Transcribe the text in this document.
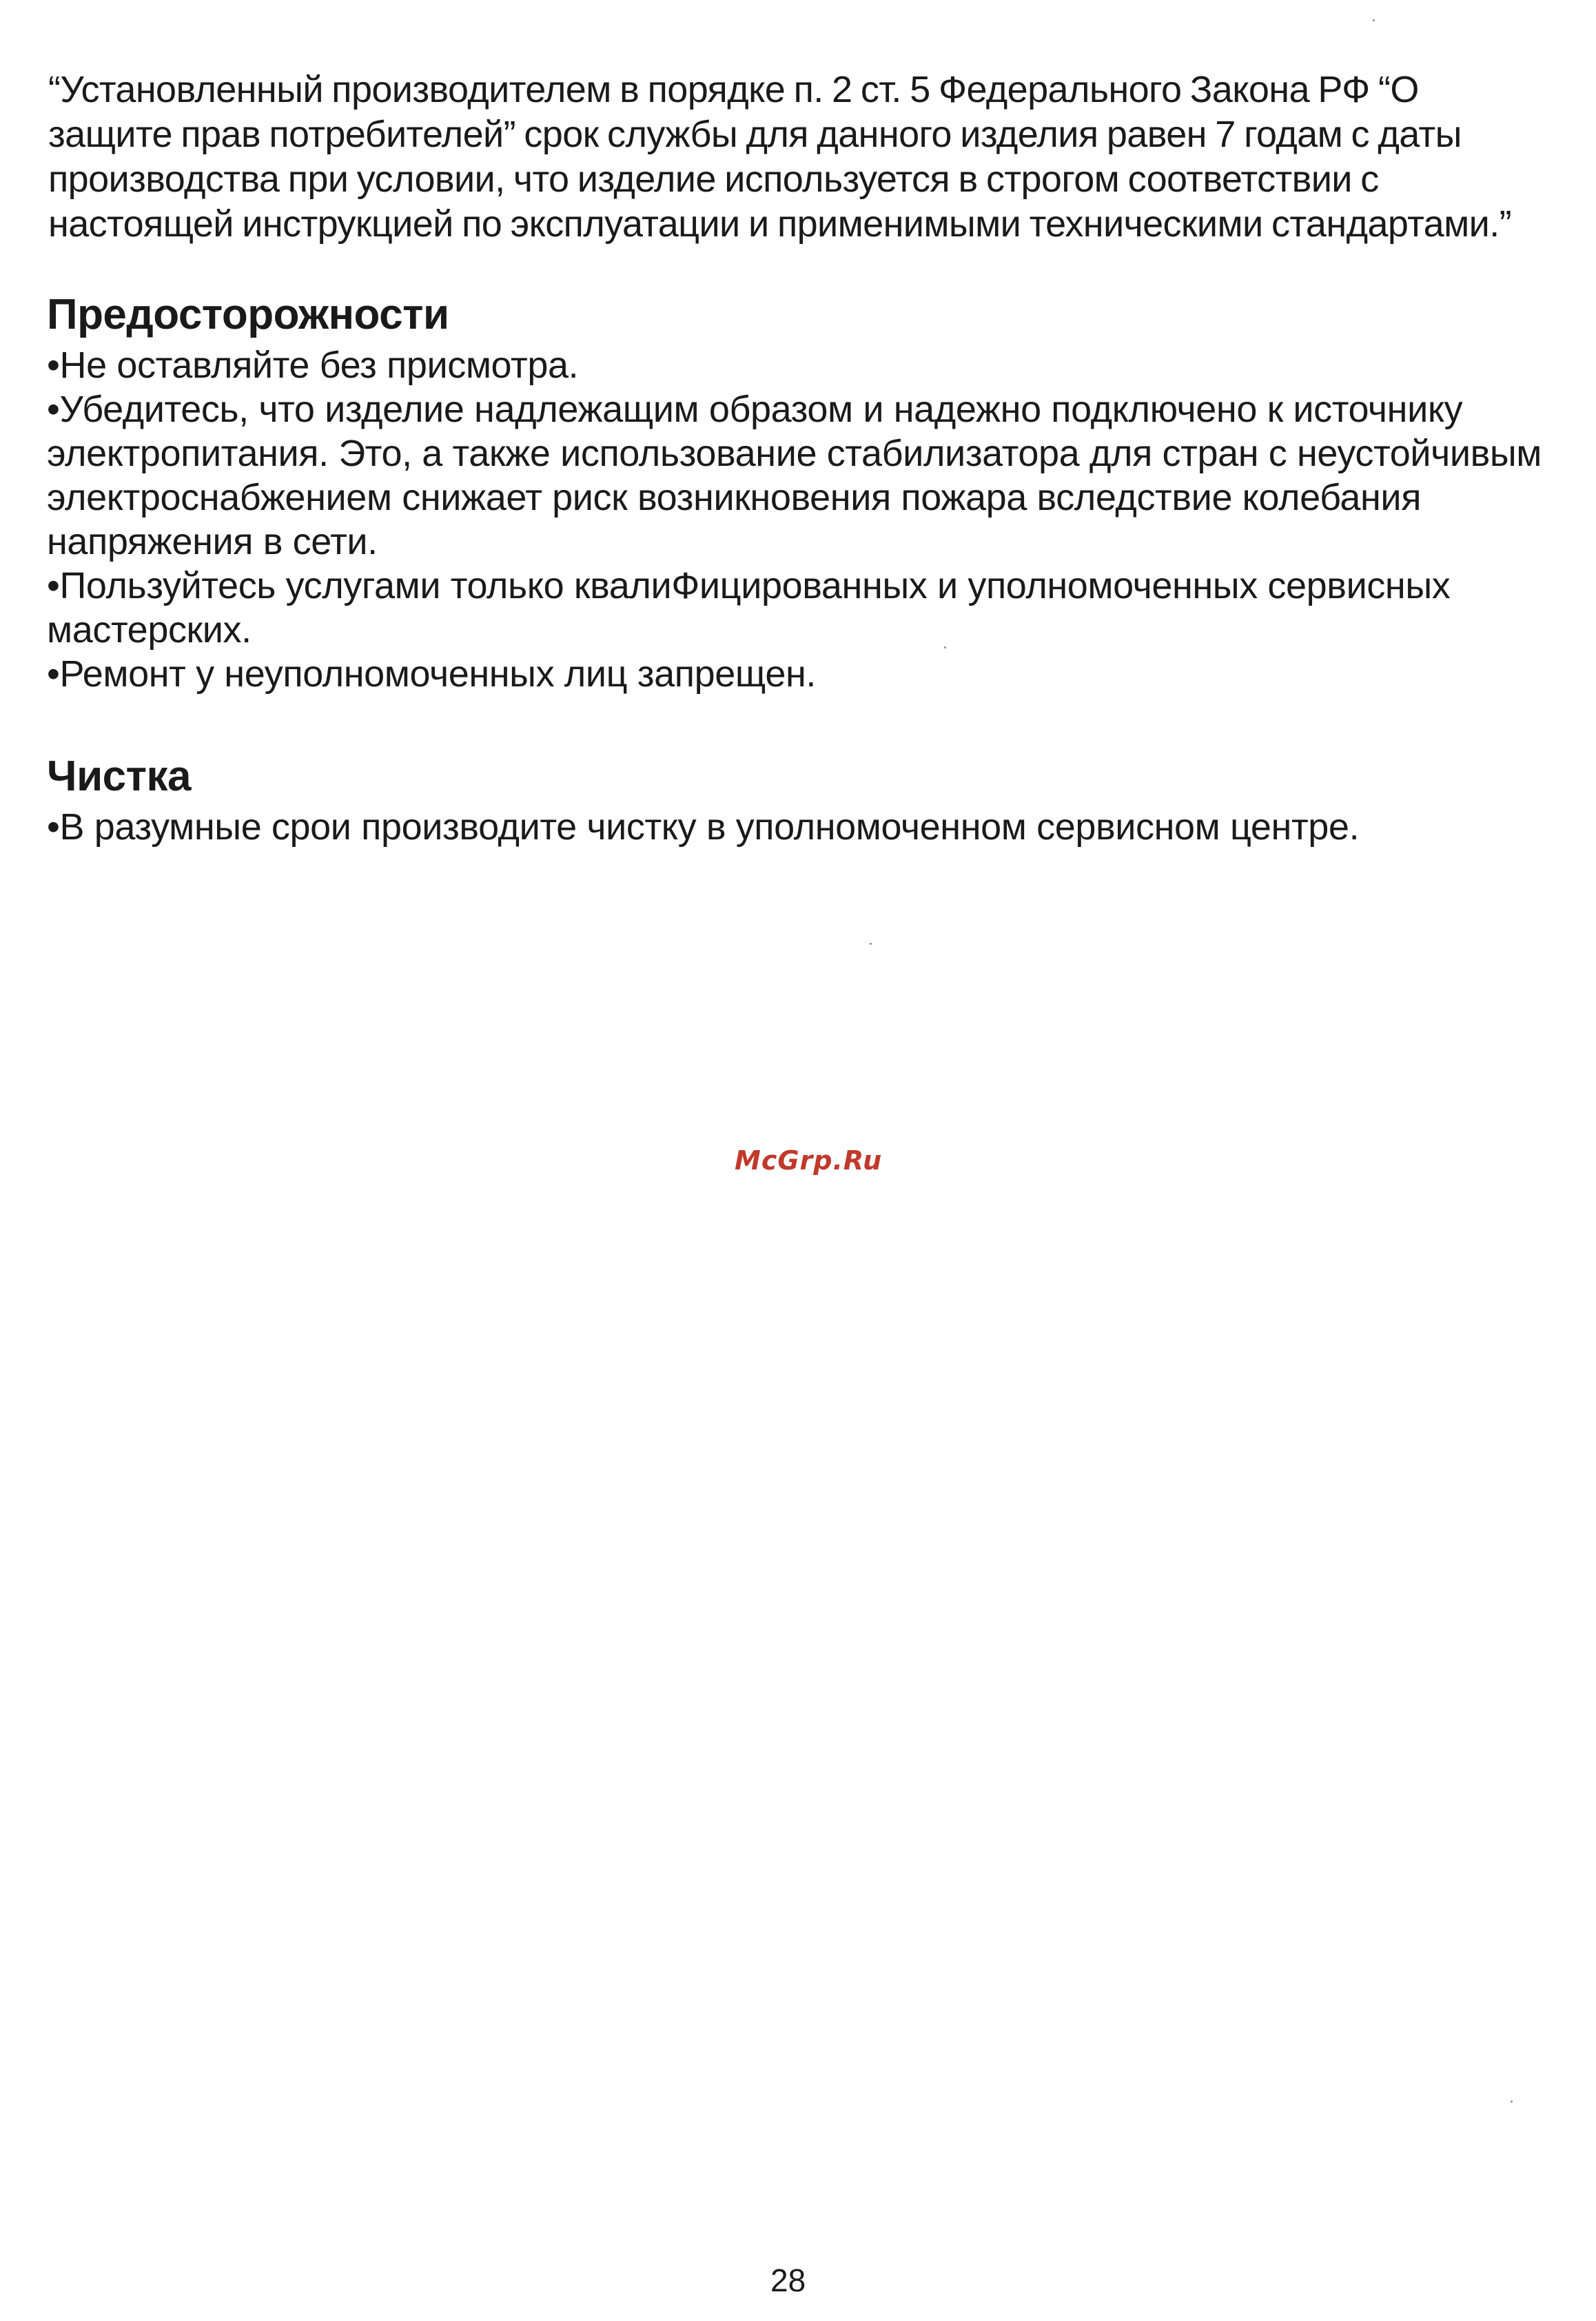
“Установленный производителем в порядке п. 2 ст. 5 Федерального Закона РФ “О защите прав потребителей” срок службы для данного изделия равен 7 годам с даты производства при условии, что изделие используется в строгом соответствии с настоящей инструкцией по эксплуатации и применимыми техническими стандартами.”

Предосторожности
•Не оставляйте без присмотра.
•Убедитесь, что изделие надлежащим образом и надежно подключено к источнику электропитания. Это, а также использование стабилизатора для стран с неустойчивым электроснабжением снижает риск возникновения пожара вследствие колебания напряжения в сети.
•Пользуйтесь услугами только квалиФицированных и уполномоченных сервисных мастерских.
•Ремонт у неуполномоченных лиц запрещен.
Чистка
•В разумные срои производите чистку в уполномоченном сервисном центре.
McGrp.Ru
28
